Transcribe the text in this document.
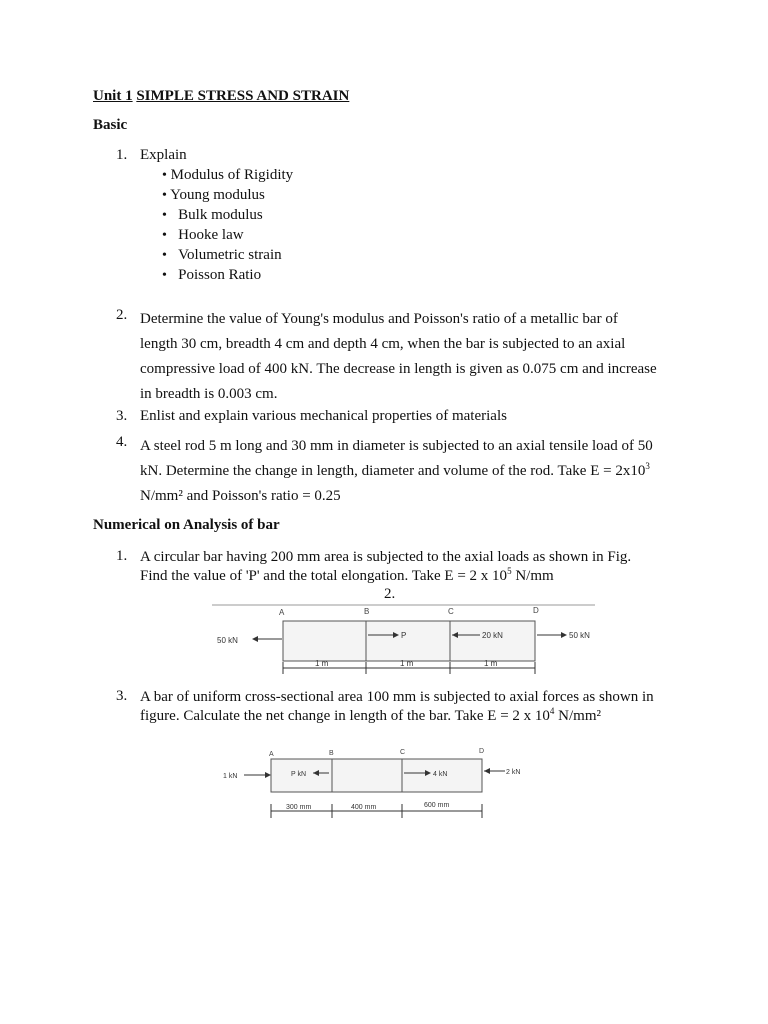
Unit 1 SIMPLE STRESS AND STRAIN
Basic
1. Explain
• Modulus of Rigidity
• Young modulus
• Bulk modulus
• Hooke law
• Volumetric strain
• Poisson Ratio
2. Determine the value of Young's modulus and Poisson's ratio of a metallic bar of
length 30 cm, breadth 4 cm and depth 4 cm, when the bar is subjected to an axial
compressive load of 400 kN. The decrease in length is given as 0.075 cm and increase
in breadth is 0.003 cm.
3. Enlist and explain various mechanical properties of materials
4. A steel rod 5 m long and 30 mm in diameter is subjected to an axial tensile load of 50
kN. Determine the change in length, diameter and volume of the rod. Take $E = 2x10^3$
N/mm² and Poisson's ratio = 0.25
Numerical on Analysis of bar
1. A circular bar having 200 mm area is subjected to the axial loads as shown in Fig.
Find the value of 'P' and the total elongation. Take E = 2 x $10^5$ N/mm
2.
A	B	C	D
50 kN
P	20 kN	50 kN
1 m	1 m	1 m
3. A bar of uniform cross-sectional area 100 mm is subjected to axial forces as shown in
figure. Calculate the net change in length of the bar. Take E = 2 x $10^4$ N/mm²
A	B	C	D
1 kN	P kN	4 kN	2 kN
300 mm	400 mm	600 mm
